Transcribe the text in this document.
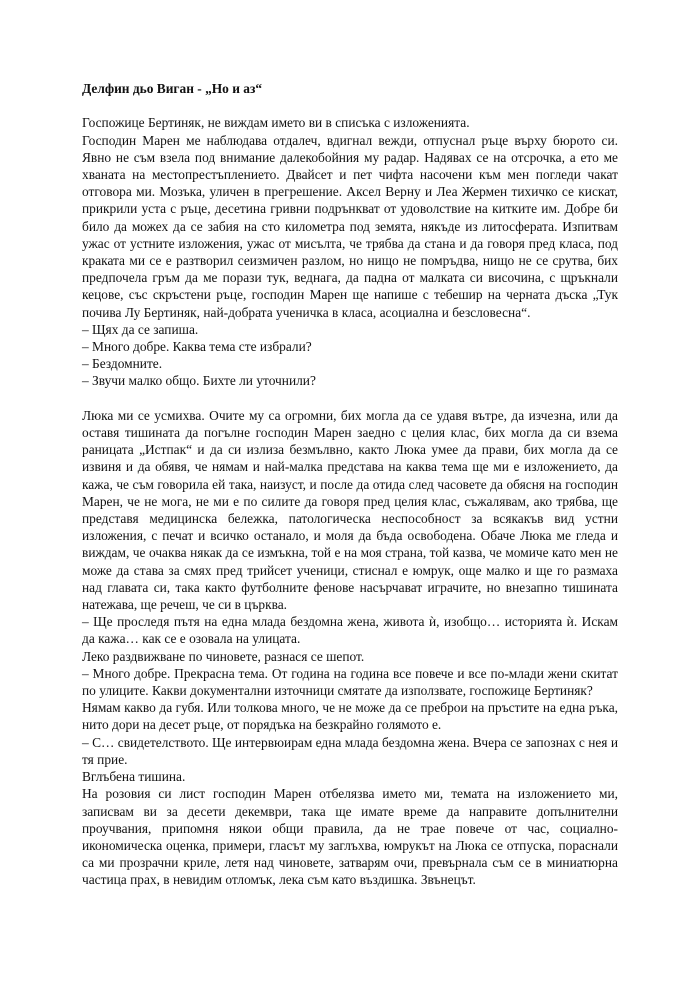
Делфин дьо Виган - „Но и аз“

Госпожице Бертиняк, не виждам името ви в списъка с изложенията.

Господин Марен ме наблюдава отдалеч, вдигнал вежди, отпуснал ръце върху бюрото си. Явно не съм взела под внимание далекобойния му радар. Надявах се на отсрочка, а ето ме хваната на местопрестъплението. Двайсет и пет чифта насочени към мен погледи чакат отговора ми. Мозъка, уличен в прегрешение. Аксел Верну и Леа Жермен тихичко се кискат, прикрили уста с ръце, десетина гривни подрънкват от удоволствие на китките им. Добре би било да можех да се забия на сто километра под земята, някъде из литосферата. Изпитвам ужас от устните изложения, ужас от мисълта, че трябва да стана и да говоря пред класа, под краката ми се е разтворил сеизмичен разлом, но нищо не помръдва, нищо не се срутва, бих предпочела гръм да ме порази тук, веднага, да падна от малката си височина, с щръкнали кецове, със скръстени ръце, господин Марен ще напише с тебешир на черната дъска „Тук почива Лу Бертиняк, най-добрата ученичка в класа, асоциална и безсловесна“.

– Щях да се запиша.

– Много добре. Каква тема сте избрали?

– Бездомните.

– Звучи малко общо. Бихте ли уточнили?

Люка ми се усмихва. Очите му са огромни, бих могла да се удавя вътре, да изчезна, или да оставя тишината да погълне господин Марен заедно с целия клас, бих могла да си взема раницата „Истпак“ и да си излиза безмълвно, както Люка умее да прави, бих могла да се извиня и да обявя, че нямам и най-малка представа на каква тема ще ми е изложението, да кажа, че съм говорила ей така, наизуст, и после да отида след часовете да обясня на господин Марен, че не мога, не ми е по силите да говоря пред целия клас, съжалявам, ако трябва, ще представя медицинска бележка, патологическа неспособност за всякакъв вид устни изложения, с печат и всичко останало, и моля да бъда освободена. Обаче Люка ме гледа и виждам, че очаква някак да се измъкна, той е на моя страна, той казва, че момиче като мен не може да става за смях пред трийсет ученици, стиснал е юмрук, още малко и ще го размаха над главата си, така както футболните фенове насърчават играчите, но внезапно тишината натежава, ще речеш, че си в църква.

– Ще проследя пътя на една млада бездомна жена, живота ѝ, изобщо… историята ѝ. Искам да кажа… как се е озовала на улицата.

Леко раздвижване по чиновете, разнася се шепот.

– Много добре. Прекрасна тема. От година на година все повече и все по-млади жени скитат по улиците. Какви документални източници смятате да използвате, госпожице Бертиняк?

Нямам какво да губя. Или толкова много, че не може да се преброи на пръстите на една ръка, нито дори на десет ръце, от порядъка на безкрайно голямото е.

– С… свидетелството. Ще интервюирам една млада бездомна жена. Вчера се запознах с нея и тя прие.

Вглъбена тишина.

На розовия си лист господин Марен отбелязва името ми, темата на изложението ми, записвам ви за десети декември, така ще имате време да направите допълнителни проучвания, припомня някои общи правила, да не трае повече от час, социално-икономическа оценка, примери, гласът му заглъхва, юмрукът на Люка се отпуска, пораснали са ми прозрачни криле, летя над чиновете, затварям очи, превърнала съм се в миниатюрна частица прах, в невидим отломък, лека съм като въздишка. Звънецът.
